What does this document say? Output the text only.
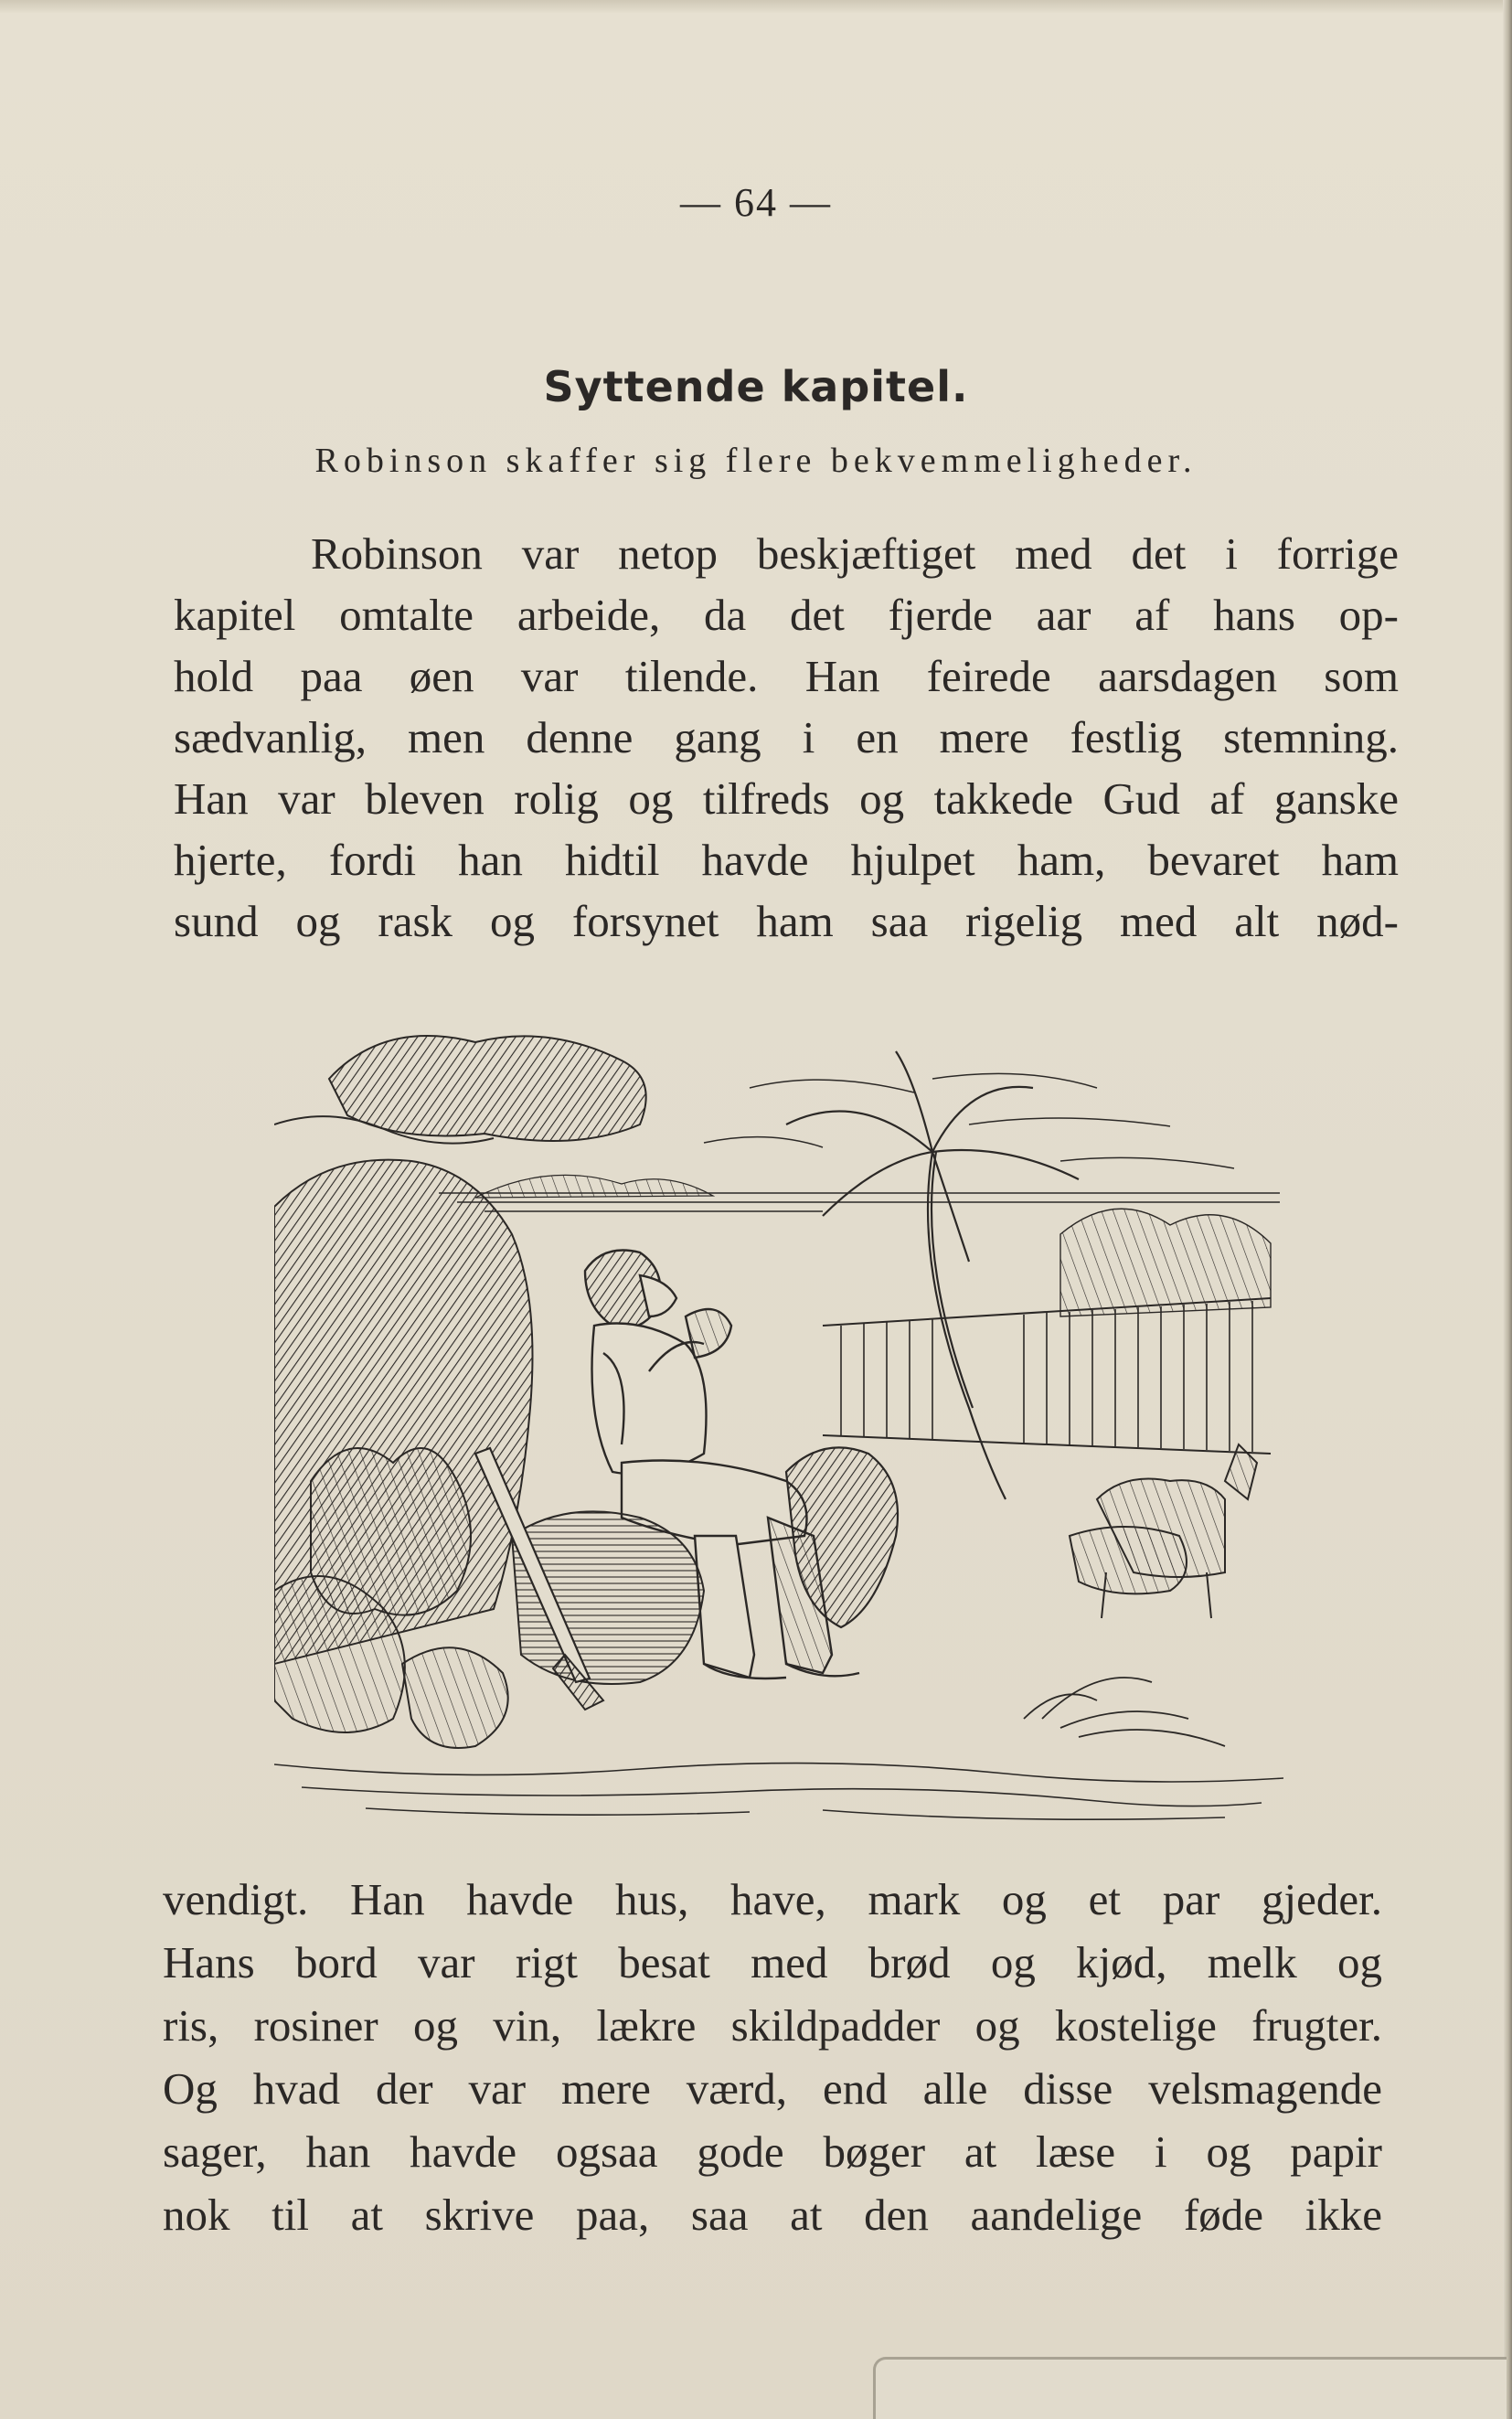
— 64 —
Syttende kapitel.
Robinson skaffer sig flere bekvemmeligheder.
Robinson var netop beskjæftiget med det i forrige
kapitel omtalte arbeide, da det fjerde aar af hans op-
hold paa øen var tilende. Han feirede aarsdagen som
sædvanlig, men denne gang i en mere festlig stemning.
Han var bleven rolig og tilfreds og takkede Gud af ganske
hjerte, fordi han hidtil havde hjulpet ham, bevaret ham
sund og rask og forsynet ham saa rigelig med alt nød-
vendigt. Han havde hus, have, mark og et par gjeder.
Hans bord var rigt besat med brød og kjød, melk og
ris, rosiner og vin, lækre skildpadder og kostelige frugter.
Og hvad der var mere værd, end alle disse velsmagende
sager, han havde ogsaa gode bøger at læse i og papir
nok til at skrive paa, saa at den aandelige føde ikke
